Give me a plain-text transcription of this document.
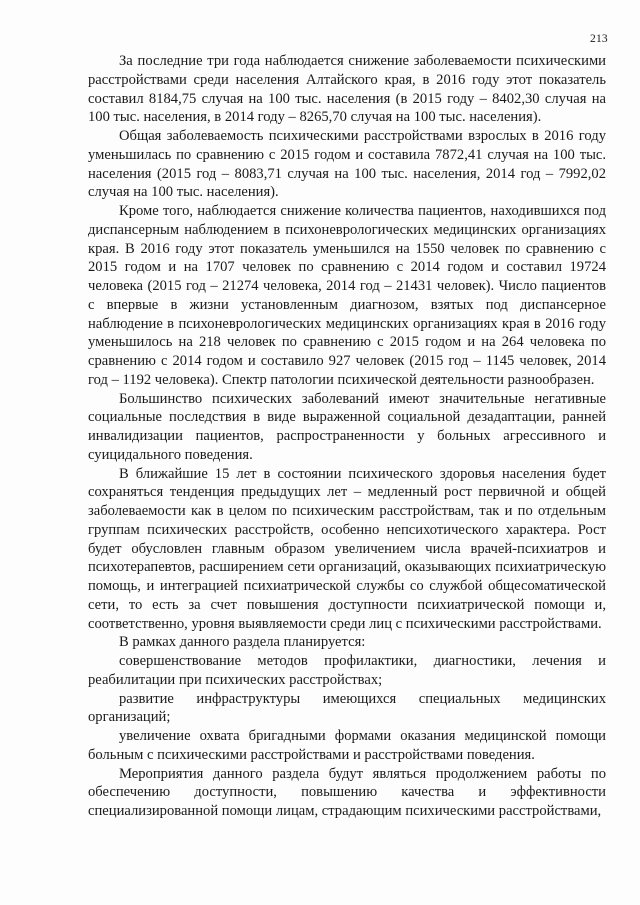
213

За последние три года наблюдается снижение заболеваемости психическими расстройствами среди населения Алтайского края, в 2016 году этот показатель составил 8184,75 случая на 100 тыс. населения (в 2015 году – 8402,30 случая на 100 тыс. населения, в 2014 году – 8265,70 случая на 100 тыс. населения).

Общая заболеваемость психическими расстройствами взрослых в 2016 году уменьшилась по сравнению с 2015 годом и составила 7872,41 случая на 100 тыс. населения (2015 год – 8083,71 случая на 100 тыс. населения, 2014 год – 7992,02 случая на 100 тыс. населения).

Кроме того, наблюдается снижение количества пациентов, находившихся под диспансерным наблюдением в психоневрологических медицинских организациях края. В 2016 году этот показатель уменьшился на 1550 человек по сравнению с 2015 годом и на 1707 человек по сравнению с 2014 годом и составил 19724 человека (2015 год – 21274 человека, 2014 год – 21431 человек). Число пациентов с впервые в жизни установленным диагнозом, взятых под диспансерное наблюдение в психоневрологических медицинских организациях края в 2016 году уменьшилось на 218 человек по сравнению с 2015 годом и на 264 человека по сравнению с 2014 годом и составило 927 человек (2015 год – 1145 человек, 2014 год – 1192 человека). Спектр патологии психической деятельности разнообразен.

Большинство психических заболеваний имеют значительные негативные социальные последствия в виде выраженной социальной дезадаптации, ранней инвалидизации пациентов, распространенности у больных агрессивного и суицидального поведения.

В ближайшие 15 лет в состоянии психического здоровья населения будет сохраняться тенденция предыдущих лет – медленный рост первичной и общей заболеваемости как в целом по психическим расстройствам, так и по отдельным группам психических расстройств, особенно непсихотического характера. Рост будет обусловлен главным образом увеличением числа врачей-психиатров и психотерапевтов, расширением сети организаций, оказывающих психиатрическую помощь, и интеграцией психиатрической службы со службой общесоматической сети, то есть за счет повышения доступности психиатрической помощи и, соответственно, уровня выявляемости среди лиц с психическими расстройствами.

В рамках данного раздела планируется:

совершенствование методов профилактики, диагностики, лечения и реабилитации при психических расстройствах;

развитие инфраструктуры имеющихся специальных медицинских организаций;

увеличение охвата бригадными формами оказания медицинской помощи больным с психическими расстройствами и расстройствами поведения.

Мероприятия данного раздела будут являться продолжением работы по обеспечению доступности, повышению качества и эффективности специализированной помощи лицам, страдающим психическими расстройствами,
